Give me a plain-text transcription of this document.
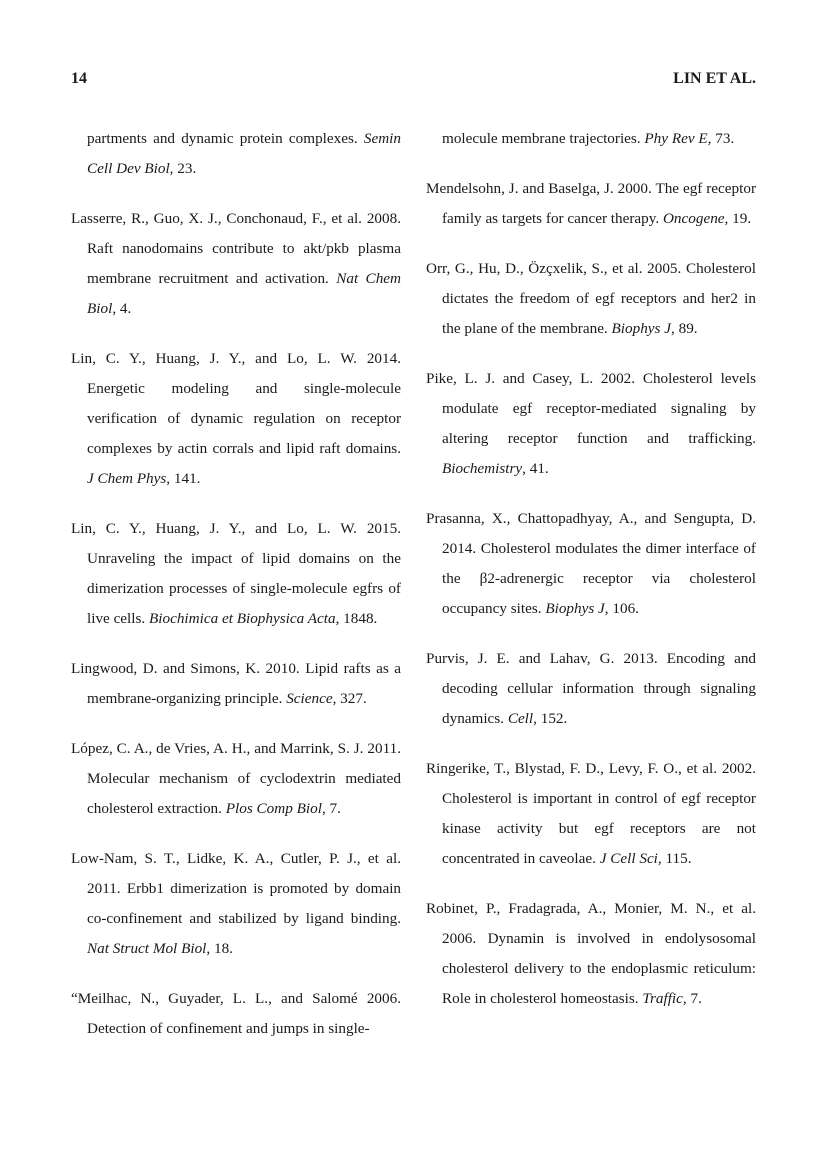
14	LIN ET AL.

partments and dynamic protein complexes. Semin Cell Dev Biol, 23.

Lasserre, R., Guo, X. J., Conchonaud, F., et al. 2008. Raft nanodomains contribute to akt/pkb plasma membrane recruitment and activation. Nat Chem Biol, 4.

Lin, C. Y., Huang, J. Y., and Lo, L. W. 2014. Energetic modeling and single-molecule verification of dynamic regulation on receptor complexes by actin corrals and lipid raft domains. J Chem Phys, 141.

Lin, C. Y., Huang, J. Y., and Lo, L. W. 2015. Unraveling the impact of lipid domains on the dimerization processes of single-molecule egfrs of live cells. Biochimica et Biophysica Acta, 1848.

Lingwood, D. and Simons, K. 2010. Lipid rafts as a membrane-organizing principle. Science, 327.

López, C. A., de Vries, A. H., and Marrink, S. J. 2011. Molecular mechanism of cyclodextrin mediated cholesterol extraction. Plos Comp Biol, 7.

Low-Nam, S. T., Lidke, K. A., Cutler, P. J., et al. 2011. Erbb1 dimerization is promoted by domain co-confinement and stabilized by ligand binding. Nat Struct Mol Biol, 18.

“Meilhac, N., Guyader, L. L., and Salomé 2006. Detection of confinement and jumps in single-

molecule membrane trajectories. Phy Rev E, 73.

Mendelsohn, J. and Baselga, J. 2000. The egf receptor family as targets for cancer therapy. Oncogene, 19.

Orr, G., Hu, D., Özçxelik, S., et al. 2005. Cholesterol dictates the freedom of egf receptors and her2 in the plane of the membrane. Biophys J, 89.

Pike, L. J. and Casey, L. 2002. Cholesterol levels modulate egf receptor-mediated signaling by altering receptor function and trafficking. Biochemistry, 41.

Prasanna, X., Chattopadhyay, A., and Sengupta, D. 2014. Cholesterol modulates the dimer interface of the β2-adrenergic receptor via cholesterol occupancy sites. Biophys J, 106.

Purvis, J. E. and Lahav, G. 2013. Encoding and decoding cellular information through signaling dynamics. Cell, 152.

Ringerike, T., Blystad, F. D., Levy, F. O., et al. 2002. Cholesterol is important in control of egf receptor kinase activity but egf receptors are not concentrated in caveolae. J Cell Sci, 115.

Robinet, P., Fradagrada, A., Monier, M. N., et al. 2006. Dynamin is involved in endolysosomal cholesterol delivery to the endoplasmic reticulum: Role in cholesterol homeostasis. Traffic, 7.
